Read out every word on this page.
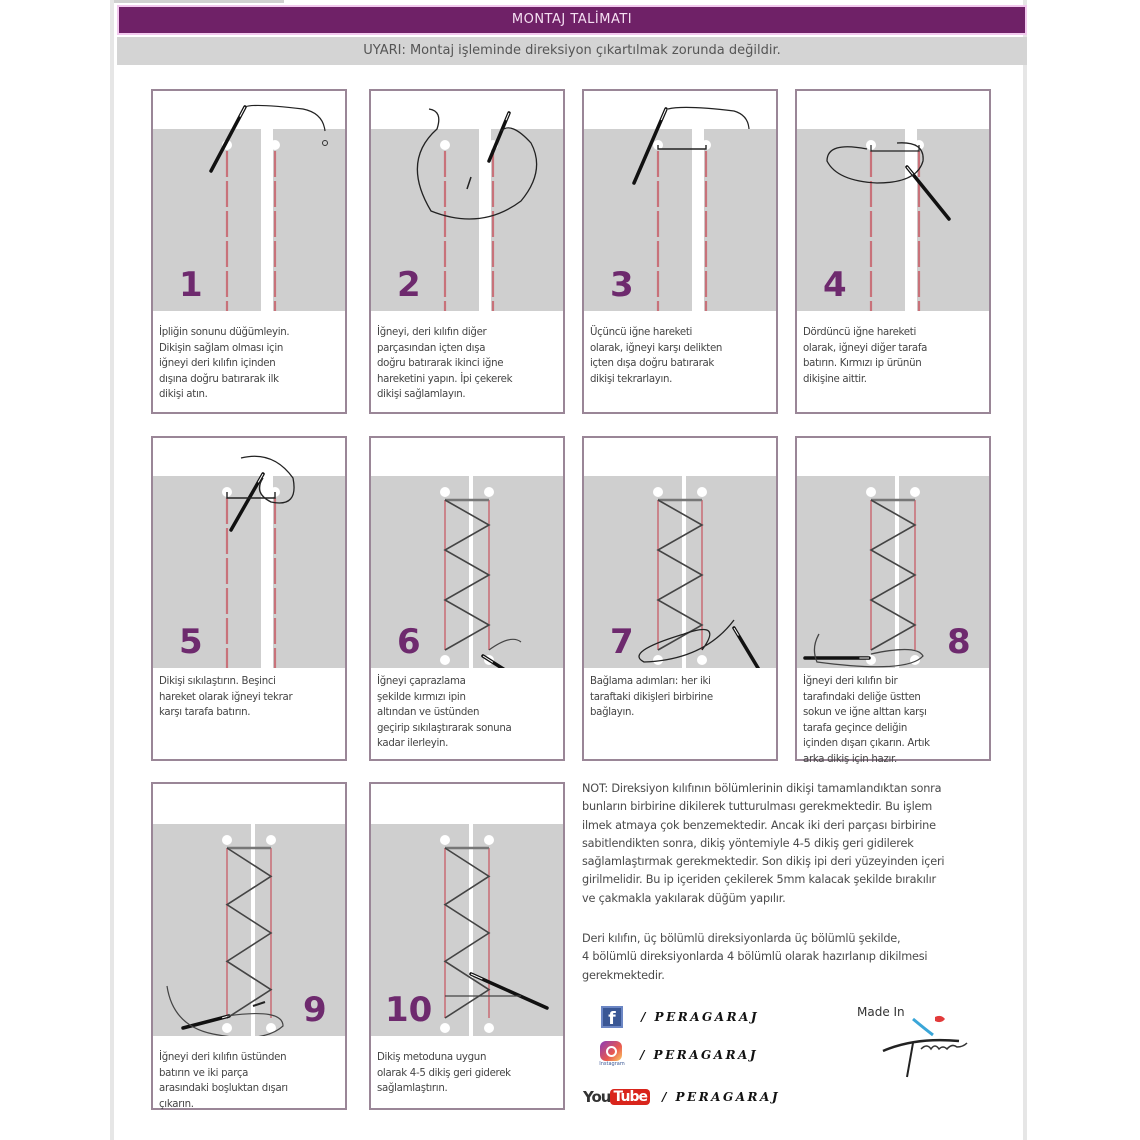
MONTAJ TALİMATI
UYARI: Montaj işleminde direksiyon çıkartılmak zorunda değildir.
1
İpliğin sonunu düğümleyin.
Dikişin sağlam olması için
iğneyi deri kılıfın içinden
dışına doğru batırarak ilk
dikişi atın.
2
İğneyi, deri kılıfın diğer
parçasından içten dışa
doğru batırarak ikinci iğne
hareketini yapın. İpi çekerek
dikişi sağlamlayın.
3
Üçüncü iğne hareketi
olarak, iğneyi karşı delikten
içten dışa doğru batırarak
dikişi tekrarlayın.
4
Dördüncü iğne hareketi
olarak, iğneyi diğer tarafa
batırın. Kırmızı ip ürünün
dikişine aittir.
5
Dikişi sıkılaştırın. Beşinci
hareket olarak iğneyi tekrar
karşı tarafa batırın.
6
İğneyi çaprazlama
şekilde kırmızı ipin
altından ve üstünden
geçirip sıkılaştırarak sonuna
kadar ilerleyin.
7
Bağlama adımları: her iki
taraftaki dikişleri birbirine
bağlayın.
8
İğneyi deri kılıfın bir
tarafındaki deliğe üstten
sokun ve iğne alttan karşı
tarafa geçince deliğin
içinden dışarı çıkarın. Artık
arka dikiş için hazır.
9
İğneyi deri kılıfın üstünden
batırın ve iki parça
arasındaki boşluktan dışarı
çıkarın.
10
Dikiş metoduna uygun
olarak 4-5 dikiş geri giderek
sağlamlaştırın.
NOT: Direksiyon kılıfının bölümlerinin dikişi tamamlandıktan sonra
bunların birbirine dikilerek tutturulması gerekmektedir. Bu işlem
ilmek atmaya çok benzemektedir. Ancak iki deri parçası birbirine
sabitlendikten sonra, dikiş yöntemiyle 4-5 dikiş geri gidilerek
sağlamlaştırmak gerekmektedir. Son dikiş ipi deri yüzeyinden içeri
girilmelidir. Bu ip içeriden çekilerek 5mm kalacak şekilde bırakılır
ve çakmakla yakılarak düğüm yapılır.
Deri kılıfın, üç bölümlü direksiyonlarda üç bölümlü şekilde,
4 bölümlü direksiyonlarda 4 bölümlü olarak hazırlanıp dikilmesi
gerekmektedir.
f	/ PERAGARAJ
Instagram
/ PERAGARAJ
You Tube / PERAGARAJ
Made In
